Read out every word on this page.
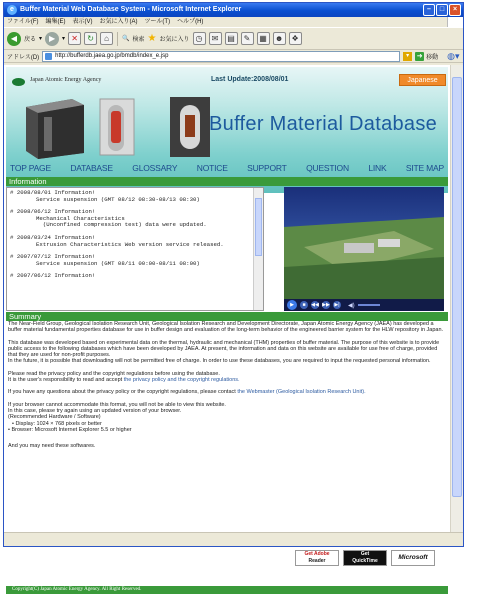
e Buffer Material Web Database System - Microsoft Internet Explorer	–	□	×
ファイル(F) 編集(E) 表示(V) お気に入り(A) ツール(T) ヘルプ(H)
◀	戻る ▾ ▶	▾ ✕	↻	⌂	🔍 検索 ★ お気に入り ◷	✉	▤	✎	▦	☻	❖
アドレス(D)	http://bufferdb.jaea.go.jp/bmdb/index_e.jsp	▾	➜ 移動 ◍▾
Japan Atomic Energy Agency	Last Update:2008/08/01	Japanese
Buffer Material Database
TOP PAGE DATABASE GLOSSARY NOTICE SUPPORT QUESTION LINK SITE MAP
Information
# 2008/08/01 Information!
Service suspension (GMT 08/12 08:30-08/13 08:30)
# 2008/06/12 Information!
Mechanical Characteristics
(Unconfined compression test) data were updated.
# 2008/03/24 Information!
Extrusion Characteristics Web version service released.
# 2007/07/12 Information!
Service suspension (GMT 08/11 00:00-08/11 08:00)
# 2007/06/12 Information!
▶	■	◀◀ ▶▶ ▶| ◀)
Summary

The Near-Field Group, Geological Isolation Research Unit, Geological Isolation Research and Development Directorate, Japan Atomic Energy Agency (JAEA) has developed a buffer material fundamental properties database for use in buffer design and evaluation of the long-term behavior of the engineered barrier system for the HLW repository in Japan.

This database was developed based on experimental data on the thermal, hydraulic and mechanical (THM) properties of buffer material. The purpose of this website is to provide public access to the following databases which have been developed by JAEA. At present, the information and data on this website are available for use free of charge, provided that they are used for non-profit purposes.
In the future, it is possible that downloading will not be permitted free of charge. In order to use these databases, you are required to input the requested personal information.

Please read the privacy policy and the copyright regulations before using the database.
It is the user's responsibility to read and accept the privacy policy and the copyright regulations.

If you have any questions about the privacy policy or the copyright regulations, please contact the Webmaster (Geological Isolation Research Unit).

If your browser cannot accommodate this format, you will not be able to view this website.
In this case, please try again using an updated version of your browser.
(Recommended Hardware / Software)
• Display: 1024 × 768 pixels or better
• Browser: Microsoft Internet Explorer 5.5 or higher

And you may need these softwares.

Get Adobe
Reader
Get
QuickTime	Microsoft
Copyright(C) Japan Atomic Energy Agency. All Right Reserved.
